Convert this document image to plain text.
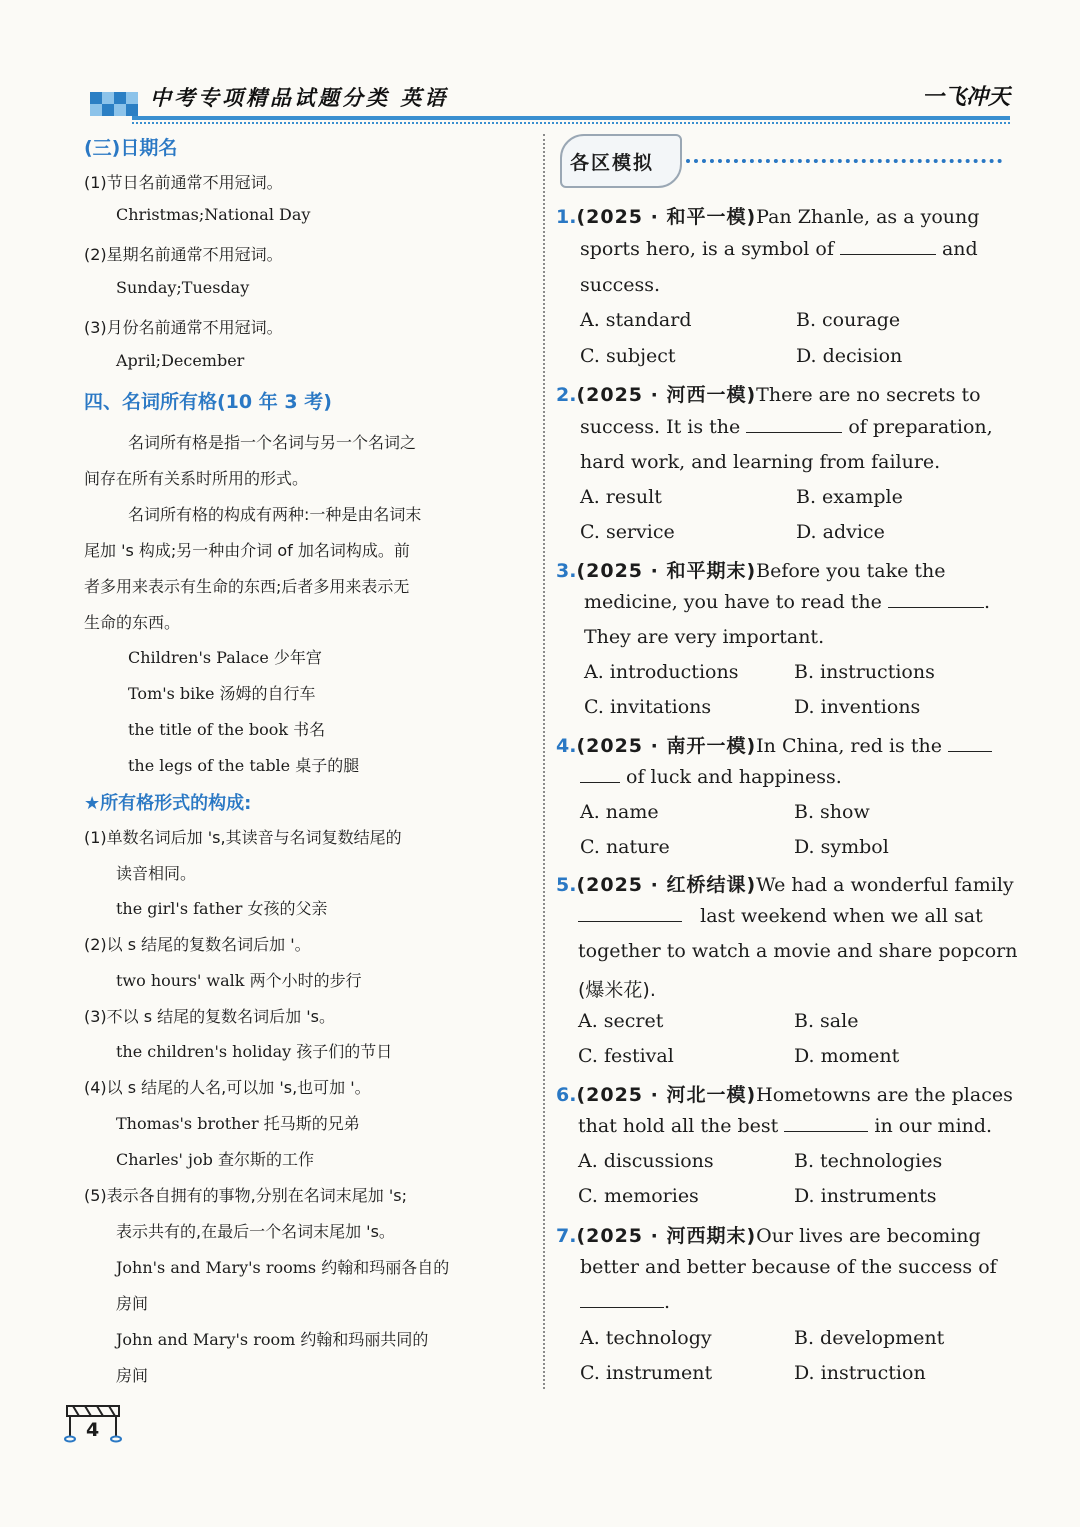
中考专项精品试题分类 英语	一飞冲天
(三)日期名
(1)节日名前通常不用冠词。
Christmas;National Day
(2)星期名前通常不用冠词。
Sunday;Tuesday
(3)月份名前通常不用冠词。
April;December
四、名词所有格(10 年 3 考)
名词所有格是指一个名词与另一个名词之
间存在所有关系时所用的形式。
名词所有格的构成有两种:一种是由名词末
尾加 's 构成;另一种由介词 of 加名词构成。前
者多用来表示有生命的东西;后者多用来表示无
生命的东西。
Children's Palace 少年宫
Tom's bike 汤姆的自行车
the title of the book 书名
the legs of the table 桌子的腿
★所有格形式的构成:
(1)单数名词后加 's,其读音与名词复数结尾的
读音相同。
the girl's father 女孩的父亲
(2)以 s 结尾的复数名词后加 '。
two hours' walk 两个小时的步行
(3)不以 s 结尾的复数名词后加 's。
the children's holiday 孩子们的节日
(4)以 s 结尾的人名,可以加 's,也可加 '。
Thomas's brother 托马斯的兄弟
Charles' job 查尔斯的工作
(5)表示各自拥有的事物,分别在名词末尾加 's;
表示共有的,在最后一个名词末尾加 's。
John's and Mary's rooms 约翰和玛丽各自的
房间
John and Mary's room 约翰和玛丽共同的
房间
各区模拟
1.(2025 · 和平一模)Pan Zhanle, as a young
sports hero, is a symbol of	and
success.
A. standard	B. courage
C. subject	D. decision
2.(2025 · 河西一模)There are no secrets to
success. It is the	of preparation,
hard work, and learning from failure.
A. result	B. example
C. service	D. advice
3.(2025 · 和平期末)Before you take the
medicine, you have to read the	.
They are very important.
A. introductions	B. instructions
C. invitations	D. inventions
4.(2025 · 南开一模)In China, red is the
of luck and happiness.
A. name	B. show
C. nature	D. symbol
5.(2025 · 红桥结课)We had a wonderful family
last weekend when we all sat
together to watch a movie and share popcorn
(爆米花).
A. secret	B. sale
C. festival	D. moment
6.(2025 · 河北一模)Hometowns are the places
that hold all the best	in our mind.
A. discussions	B. technologies
C. memories	D. instruments
7.(2025 · 河西期末)Our lives are becoming
better and better because of the success of
.
A. technology	B. development
C. instrument	D. instruction
4
